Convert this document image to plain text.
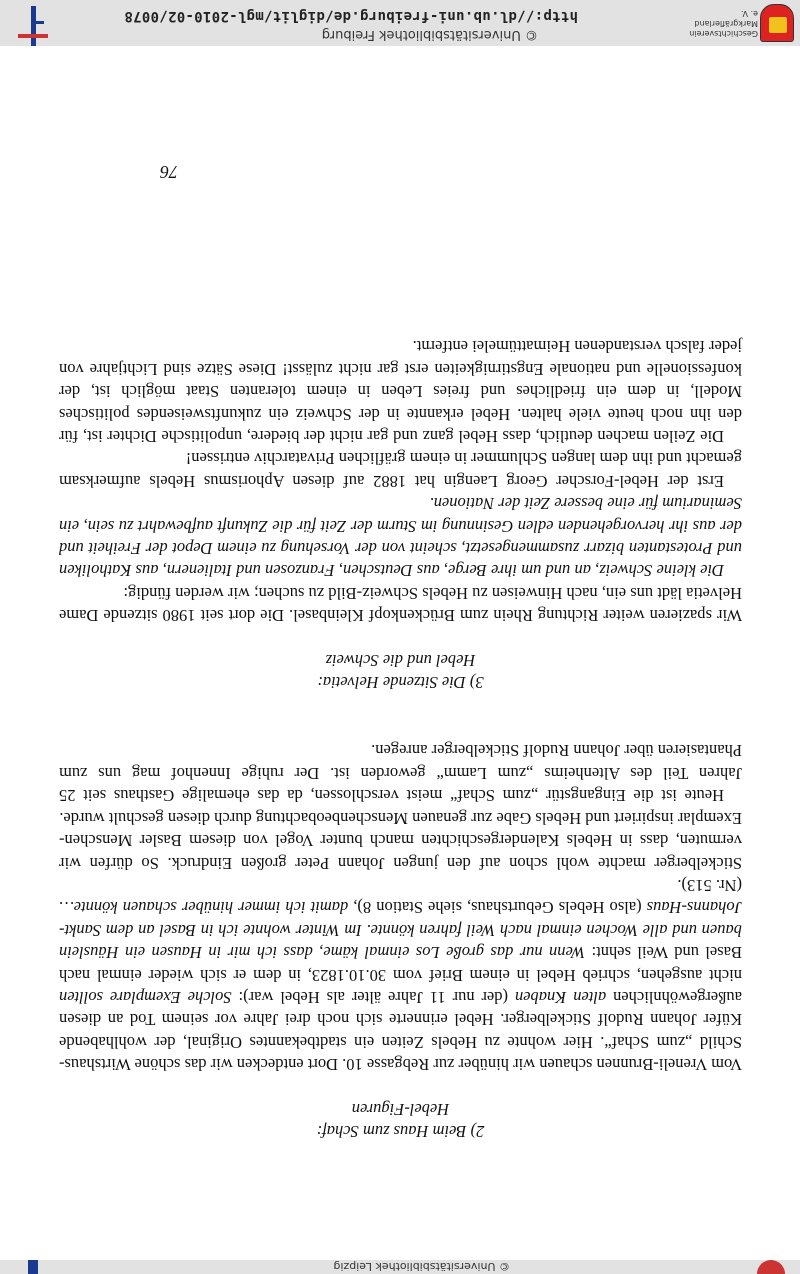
© Universitätsbibliothek Leipzig
2) Beim Haus zum Schaf:
Hebel-Figuren

Vom Vreneli-Brunnen schauen wir hinüber zur Rebgasse 10. Dort entdecken wir das schöne Wirtshaus-Schild „zum Schaf“. Hier wohnte zu Hebels Zeiten ein stadtbekanntes Original, der wohlhabende Küfer Johann Rudolf Stickelberger. Hebel erinnerte sich noch drei Jahre vor seinem Tod an diesen außergewöhnlichen alten Knaben (der nur 11 Jahre älter als Hebel war): Solche Exemplare sollten nicht ausgehen, schrieb Hebel in einem Brief vom 30.10.1823, in dem er sich wieder einmal nach Basel und Weil sehnt: Wenn nur das große Los einmal käme, dass ich mir in Hausen ein Häuslein bauen und alle Wochen einmal nach Weil fahren könnte. Im Winter wohnte ich in Basel an dem Sankt-Johanns-Haus (also Hebels Geburtshaus, siehe Station 8), damit ich immer hinüber schauen könnte… (Nr. 513).

Stickelberger machte wohl schon auf den jungen Johann Peter großen Eindruck. So dürfen wir vermuten, dass in Hebels Kalendergeschichten manch bunter Vogel von diesem Basler Menschen-Exemplar inspiriert und Hebels Gabe zur genauen Menschenbeobachtung durch diesen geschult wurde.

Heute ist die Eingangstür „zum Schaf“ meist verschlossen, da das ehemalige Gasthaus seit 25 Jahren Teil des Altenheims „zum Lamm“ geworden ist. Der ruhige Innenhof mag uns zum Phantasieren über Johann Rudolf Stickelberger anregen.

3) Die Sitzende Helvetia:
Hebel und die Schweiz

Wir spazieren weiter Richtung Rhein zum Brückenkopf Kleinbasel. Die dort seit 1980 sitzende Dame Helvetia lädt uns ein, nach Hinweisen zu Hebels Schweiz-Bild zu suchen; wir werden fündig:

Die kleine Schweiz, an und um ihre Berge, aus Deutschen, Franzosen und Italienern, aus Katholiken und Protestanten bizarr zusammengesetzt, scheint von der Vorsehung zu einem Depot der Freiheit und der aus ihr hervorgehenden edlen Gesinnung im Sturm der Zeit für die Zukunft aufbewahrt zu sein, ein Seminarium für eine bessere Zeit der Nationen.

Erst der Hebel-Forscher Georg Laengin hat 1882 auf diesen Aphorismus Hebels aufmerksam gemacht und ihn dem langen Schlummer in einem gräflichen Privatarchiv entrissen!

Die Zeilen machen deutlich, dass Hebel ganz und gar nicht der biedere, unpolitische Dichter ist, für den ihn noch heute viele halten. Hebel erkannte in der Schweiz ein zukunftsweisendes politisches Modell, in dem ein friedliches und freies Leben in einem toleranten Staat möglich ist, der konfessionelle und nationale Engstirnigkeiten erst gar nicht zulässt! Diese Sätze sind Lichtjahre von jeder falsch verstandenen Heimattümelei entfernt.

76
Geschichtsverein
Markgräflerland e. V.
© Universitätsbibliothek Freiburg
http://dl.ub.uni-freiburg.de/diglit/mgl-2010-02/0078
